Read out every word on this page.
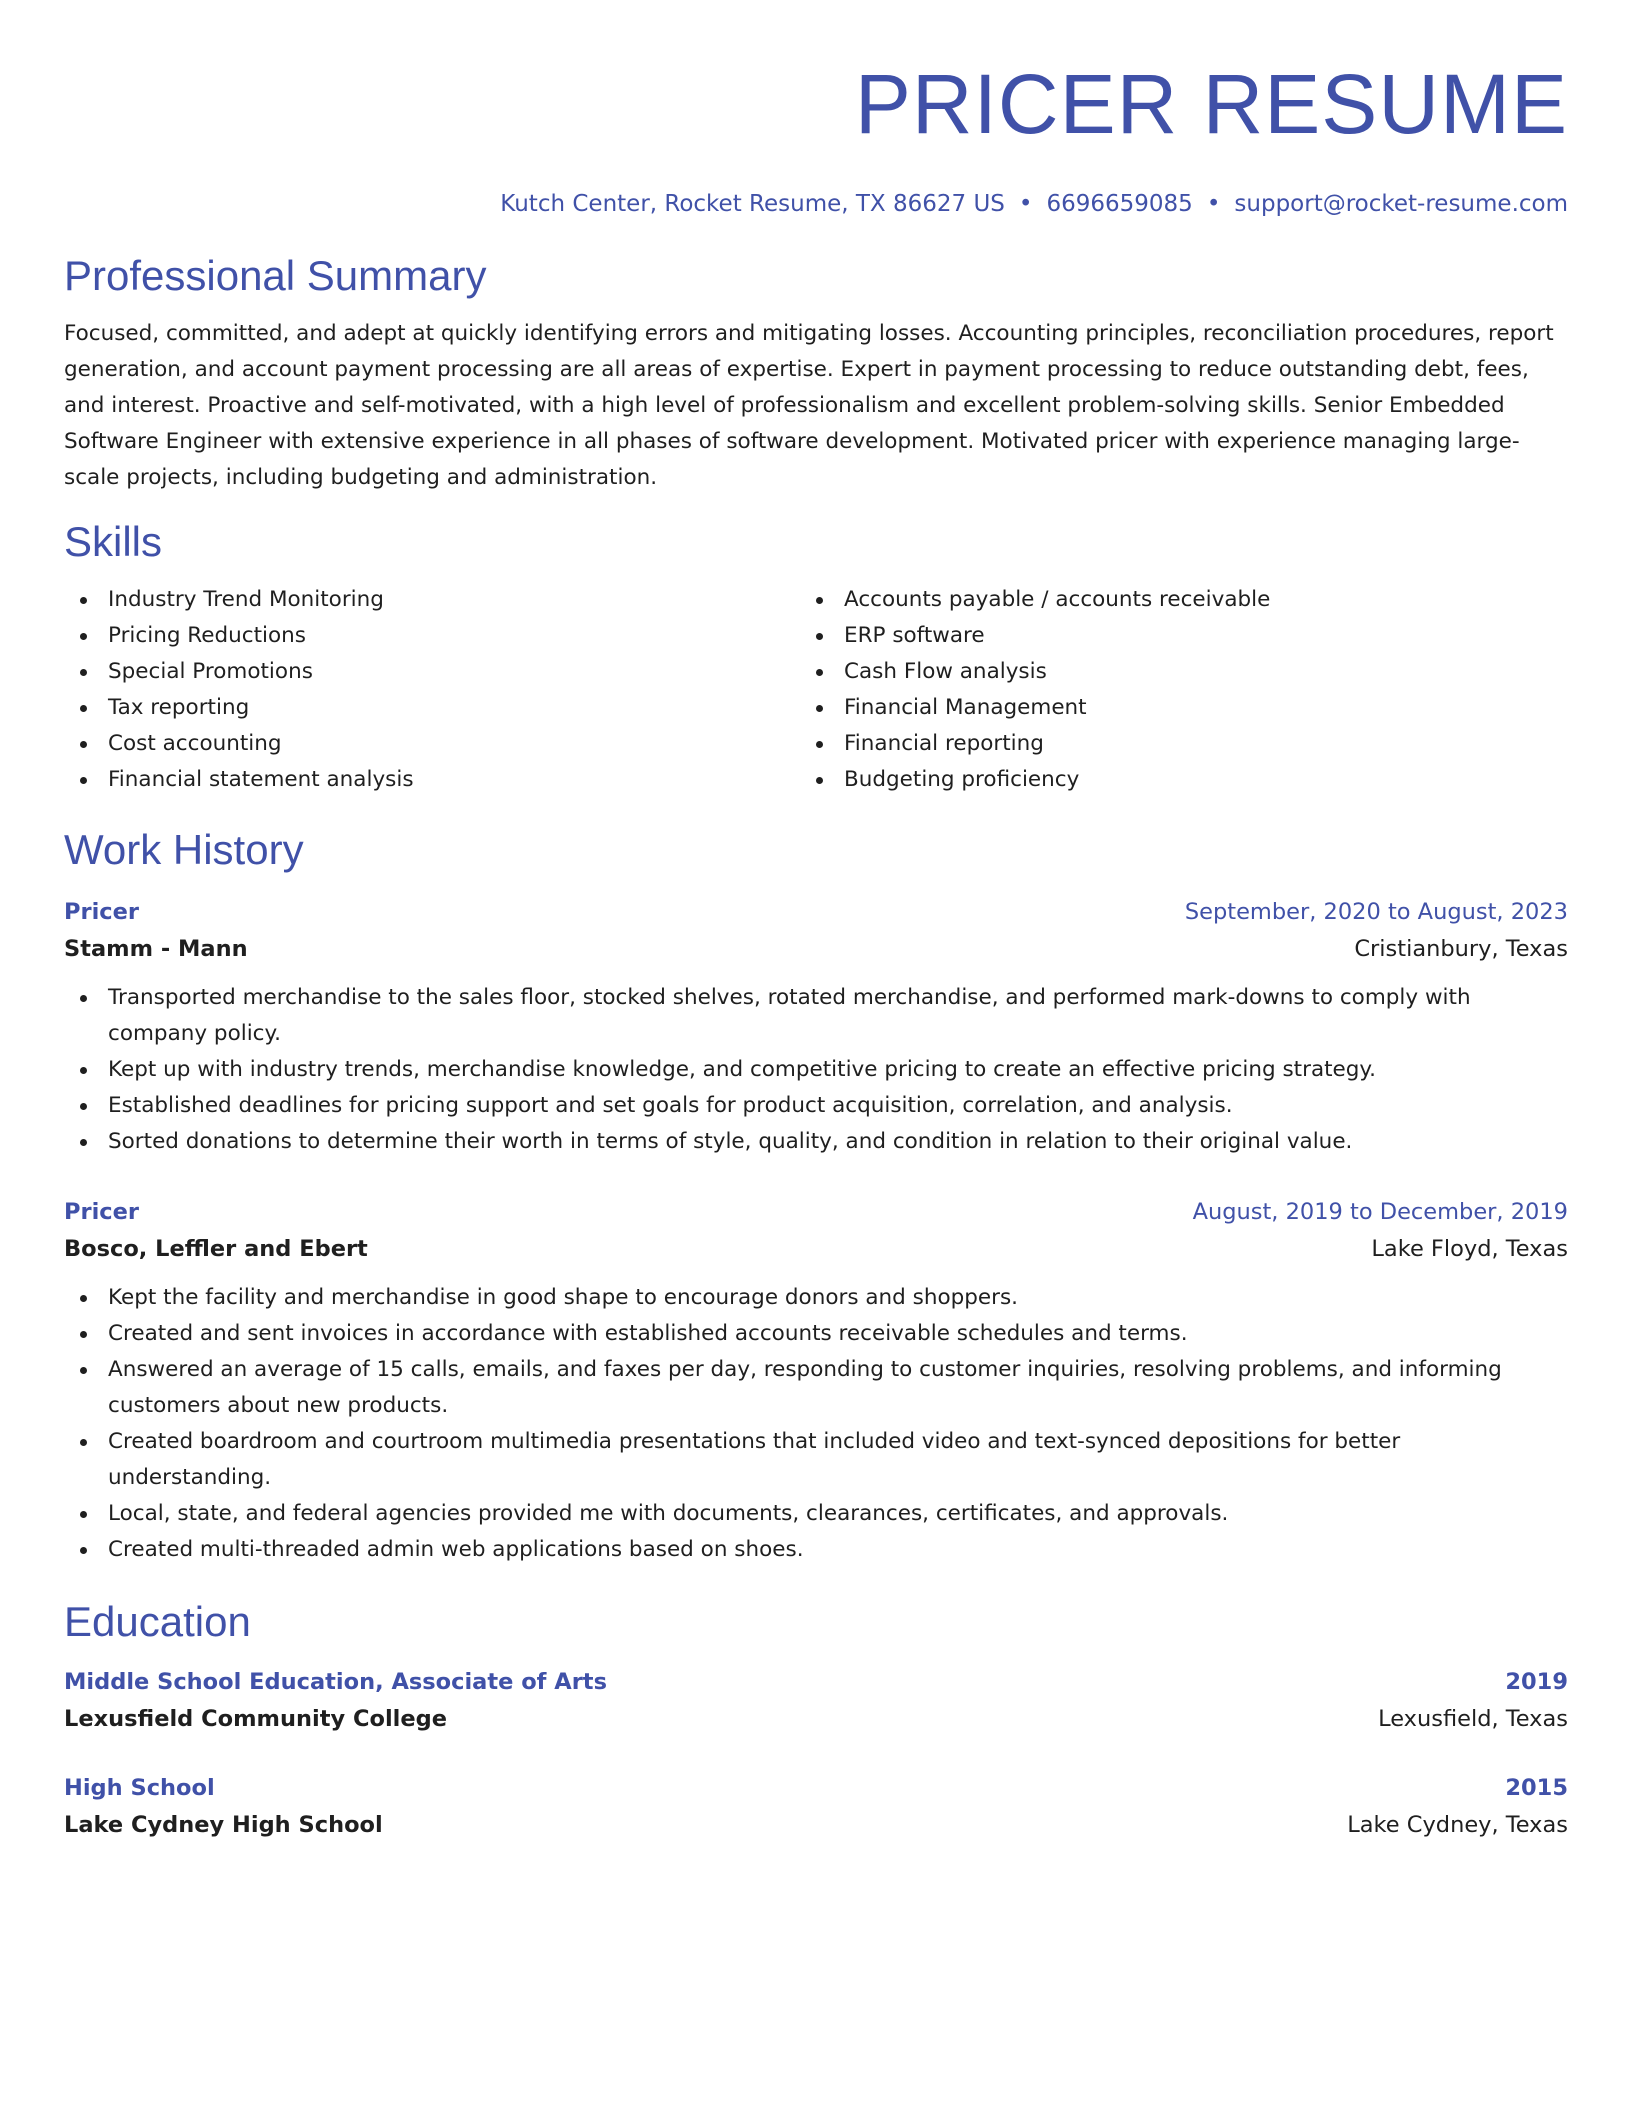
PRICER RESUME
Kutch Center, Rocket Resume, TX 86627 US • 6696659085 • support@rocket-resume.com
Professional Summary
Focused, committed, and adept at quickly identifying errors and mitigating losses. Accounting principles, reconciliation procedures, report generation, and account payment processing are all areas of expertise. Expert in payment processing to reduce outstanding debt, fees, and interest. Proactive and self-motivated, with a high level of professionalism and excellent problem-solving skills. Senior Embedded Software Engineer with extensive experience in all phases of software development. Motivated pricer with experience managing large-scale projects, including budgeting and administration.
Skills
Industry Trend Monitoring
Pricing Reductions
Special Promotions
Tax reporting
Cost accounting
Financial statement analysis
Accounts payable / accounts receivable
ERP software
Cash Flow analysis
Financial Management
Financial reporting
Budgeting proficiency
Work History
Pricer	September, 2020 to August, 2023
Stamm - Mann	Cristianbury, Texas
Transported merchandise to the sales floor, stocked shelves, rotated merchandise, and performed mark-downs to comply with company policy.
Kept up with industry trends, merchandise knowledge, and competitive pricing to create an effective pricing strategy.
Established deadlines for pricing support and set goals for product acquisition, correlation, and analysis.
Sorted donations to determine their worth in terms of style, quality, and condition in relation to their original value.
Pricer	August, 2019 to December, 2019
Bosco, Leffler and Ebert	Lake Floyd, Texas
Kept the facility and merchandise in good shape to encourage donors and shoppers.
Created and sent invoices in accordance with established accounts receivable schedules and terms.
Answered an average of 15 calls, emails, and faxes per day, responding to customer inquiries, resolving problems, and informing customers about new products.
Created boardroom and courtroom multimedia presentations that included video and text-synced depositions for better understanding.
Local, state, and federal agencies provided me with documents, clearances, certificates, and approvals.
Created multi-threaded admin web applications based on shoes.
Education
Middle School Education, Associate of Arts	2019
Lexusfield Community College	Lexusfield, Texas
High School	2015
Lake Cydney High School	Lake Cydney, Texas
